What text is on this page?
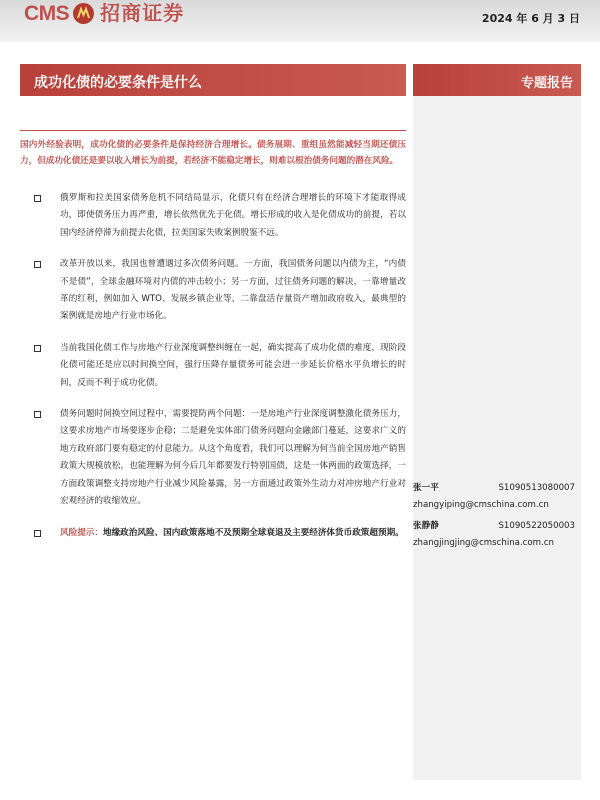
CMS 招商证券	2024 年 6 月 3 日
成功化债的必要条件是什么	专题报告
国内外经验表明，成功化债的必要条件是保持经济合理增长。债务展期、重组虽然能减轻当期还债压力，但成功化债还是要以收入增长为前提，若经济不能稳定增长，则难以根治债务问题的潜在风险。
俄罗斯和拉美国家债务危机不同结局显示，化债只有在经济合理增长的环境下才能取得成功，即使债务压力再严重，增长依然优先于化债。增长形成的收入是化债成功的前提，若以国内经济停滞为前提去化债，拉美国家失败案例殷鉴不远。
改革开放以来，我国也曾遭遇过多次债务问题。一方面，我国债务问题以内债为主，“内债不是债”，全球金融环境对内债的冲击较小；另一方面，过往债务问题的解决，一靠增量改革的红利，例如加入 WTO、发展乡镇企业等，二靠盘活存量资产增加政府收入，最典型的案例就是房地产行业市场化。
当前我国化债工作与房地产行业深度调整纠缠在一起，确实提高了成功化债的难度，现阶段化债可能还是应以时间换空间，强行压降存量债务可能会进一步延长价格水平负增长的时间，反而不利于成功化债。
债务问题时间换空间过程中，需要提防两个问题：一是房地产行业深度调整激化债务压力，这要求房地产市场要逐步企稳；二是避免实体部门债务问题向金融部门蔓延，这要求广义的地方政府部门要有稳定的付息能力。从这个角度看，我们可以理解为何当前全国房地产销售政策大规模放松，也能理解为何今后几年都要发行特别国债，这是一体两面的政策选择，一方面政策调整支持房地产行业减少风险暴露，另一方面通过政策外生动力对冲房地产行业对宏观经济的收缩效应。
风险提示：地缘政治风险、国内政策落地不及预期全球衰退及主要经济体货币政策超预期。
张一平	S1090513080007
zhangyiping@cmschina.com.cn
张静静	S1090522050003
zhangjingjing@cmschina.com.cn
